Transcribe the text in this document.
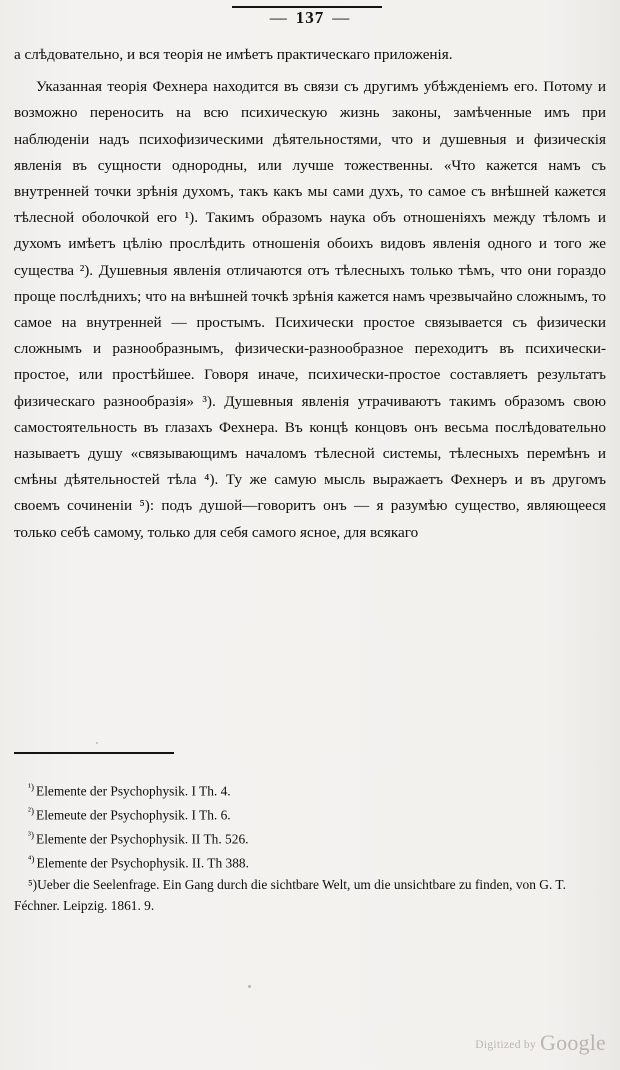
— 137 —

а слѣдовательно, и вся теорія не имѣетъ практическаго приложенія.

Указанная теорія Фехнера находится въ связи съ другимъ убѣжденіемъ его. Потому и возможно переносить на всю психическую жизнь законы, замѣченные имъ при наблюденіи надъ психофизическими дѣятельностями, что и душевныя и физическія явленія въ сущности однородны, или лучше тожественны. «Что кажется намъ съ внутренней точки зрѣнія духомъ, такъ какъ мы сами духъ, то самое съ внѣшней кажется тѣлесной оболочкой его ¹). Такимъ образомъ наука объ отношеніяхъ между тѣломъ и духомъ имѣетъ цѣлію прослѣдить отношенія обоихъ видовъ явленія одного и того же существа ²). Душевныя явленія отличаются отъ тѣлесныхъ только тѣмъ, что они гораздо проще послѣднихъ; что на внѣшней точкѣ зрѣнія кажется намъ чрезвычайно сложнымъ, то самое на внутренней — простымъ. Психически простое связывается съ физически сложнымъ и разнообразнымъ, физически-разнообразное переходитъ въ психически-простое, или простѣйшее. Говоря иначе, психически-простое составляетъ результатъ физическаго разнообразія» ³). Душевныя явленія утрачиваютъ такимъ образомъ свою самостоятельность въ глазахъ Фехнера. Въ концѣ концовъ онъ весьма послѣдовательно называетъ душу «связывающимъ началомъ тѣлесной системы, тѣлесныхъ перемѣнъ и смѣны дѣятельностей тѣла ⁴). Ту же самую мысль выражаетъ Фехнеръ и въ другомъ своемъ сочиненіи ⁵): подъ душой—говоритъ онъ — я разумѣю существо, являющееся только себѣ самому, только для себя самого ясное, для всякаго

$^{^1)}$ Elemente der Psychophysik. I Th. 4.
$^{^2)}$ Elemeute der Psychophysik. I Th. 6.
$^{^3)}$ Elemente der Psychophysik. II Th. 526.
$^{^4)}$ Elemente der Psychophysik. II. Th 388.
⁵)Ueber die Seelenfrage. Ein Gang durch die sichtbare Welt, um die unsichtbare zu finden, von G. T. Féchner. Leipzig. 1861. 9.
Digitized by Google
